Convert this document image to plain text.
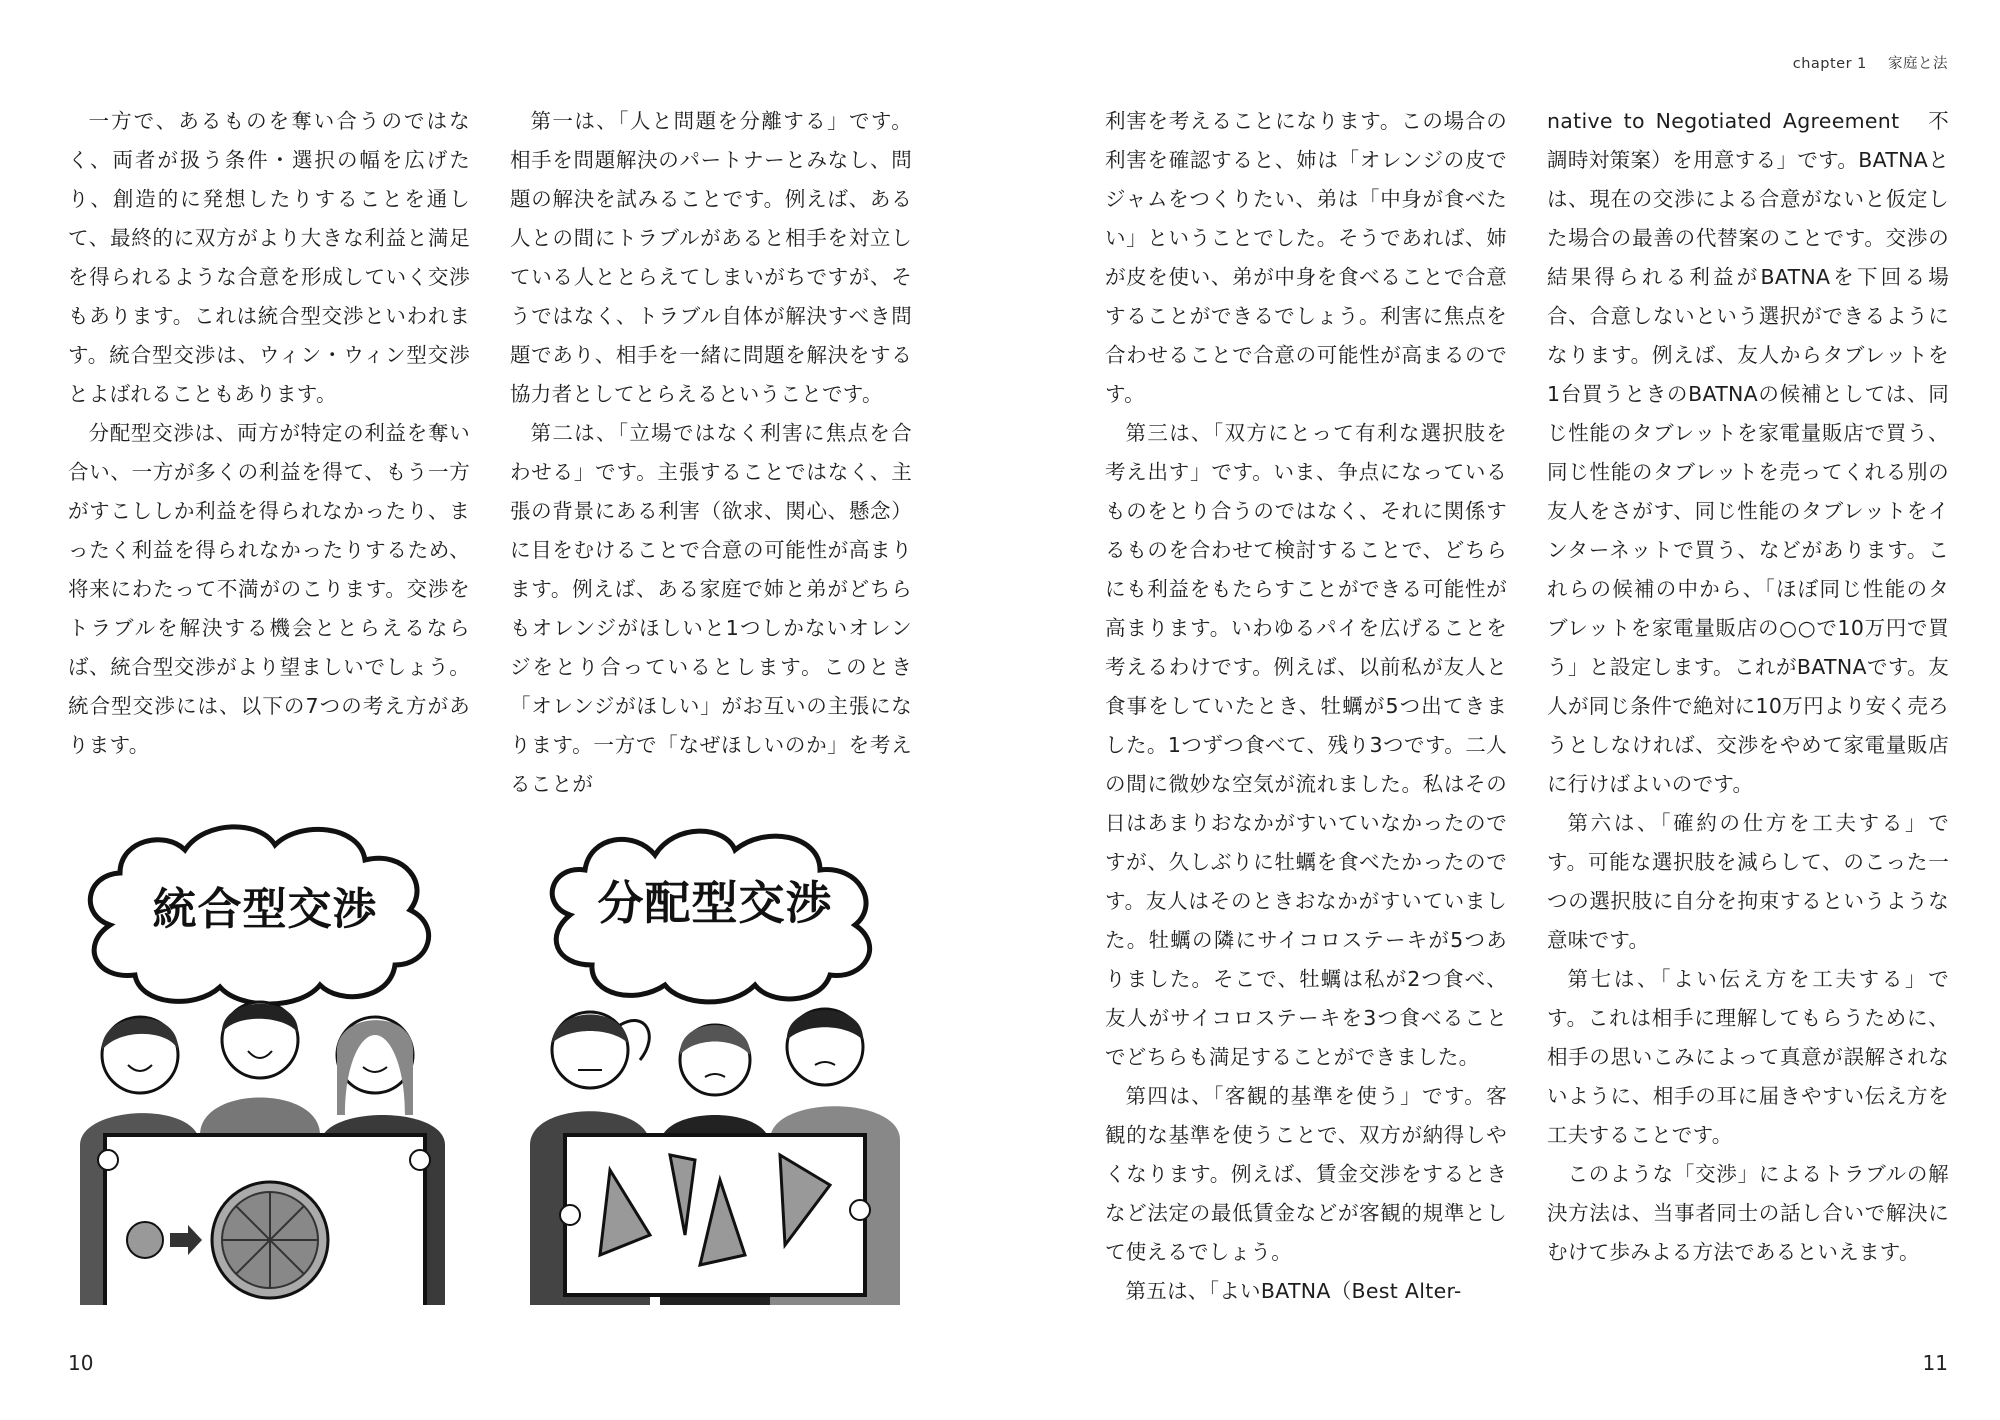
一方で、あるものを奪い合うのではなく、両者が扱う条件・選択の幅を広げたり、創造的に発想したりすることを通して、最終的に双方がより大きな利益と満足を得られるような合意を形成していく交渉もあります。これは統合型交渉といわれます。統合型交渉は、ウィン・ウィン型交渉とよばれることもあります。

分配型交渉は、両方が特定の利益を奪い合い、一方が多くの利益を得て、もう一方がすこししか利益を得られなかったり、まったく利益を得られなかったりするため、将来にわたって不満がのこります。交渉をトラブルを解決する機会ととらえるならば、統合型交渉がより望ましいでしょう。統合型交渉には、以下の7つの考え方があります。

第一は、「人と問題を分離する」です。相手を問題解決のパートナーとみなし、問題の解決を試みることです。例えば、ある人との間にトラブルがあると相手を対立している人ととらえてしまいがちですが、そうではなく、トラブル自体が解決すべき問題であり、相手を一緒に問題を解決をする協力者としてとらえるということです。

第二は、「立場ではなく利害に焦点を合わせる」です。主張することではなく、主張の背景にある利害（欲求、関心、懸念）に目をむけることで合意の可能性が高まります。例えば、ある家庭で姉と弟がどちらもオレンジがほしいと1つしかないオレンジをとり合っているとします。このとき「オレンジがほしい」がお互いの主張になります。一方で「なぜほしいのか」を考えることが

統合型交渉	分配型交渉
10
chapter 1 家庭と法

利害を考えることになります。この場合の利害を確認すると、姉は「オレンジの皮でジャムをつくりたい、弟は「中身が食べたい」ということでした。そうであれば、姉が皮を使い、弟が中身を食べることで合意することができるでしょう。利害に焦点を合わせることで合意の可能性が高まるのです。

第三は、「双方にとって有利な選択肢を考え出す」です。いま、争点になっているものをとり合うのではなく、それに関係するものを合わせて検討することで、どちらにも利益をもたらすことができる可能性が高まります。いわゆるパイを広げることを考えるわけです。例えば、以前私が友人と食事をしていたとき、牡蠣が5つ出てきました。1つずつ食べて、残り3つです。二人の間に微妙な空気が流れました。私はその日はあまりおなかがすいていなかったのですが、久しぶりに牡蠣を食べたかったのです。友人はそのときおなかがすいていました。牡蠣の隣にサイコロステーキが5つありました。そこで、牡蠣は私が2つ食べ、友人がサイコロステーキを3つ食べることでどちらも満足することができました。

第四は、「客観的基準を使う」です。客観的な基準を使うことで、双方が納得しやくなります。例えば、賃金交渉をするときなど法定の最低賃金などが客観的規準として使えるでしょう。

第五は、「よいBATNA（Best Alter-

native to Negotiated Agreement　不調時対策案）を用意する」です。BATNAとは、現在の交渉による合意がないと仮定した場合の最善の代替案のことです。交渉の結果得られる利益がBATNAを下回る場合、合意しないという選択ができるようになります。例えば、友人からタブレットを1台買うときのBATNAの候補としては、同じ性能のタブレットを家電量販店で買う、同じ性能のタブレットを売ってくれる別の友人をさがす、同じ性能のタブレットをインターネットで買う、などがあります。これらの候補の中から、「ほぼ同じ性能のタブレットを家電量販店の○○で10万円で買う」と設定します。これがBATNAです。友人が同じ条件で絶対に10万円より安く売ろうとしなければ、交渉をやめて家電量販店に行けばよいのです。

第六は、「確約の仕方を工夫する」です。可能な選択肢を減らして、のこった一つの選択肢に自分を拘束するというような意味です。

第七は、「よい伝え方を工夫する」です。これは相手に理解してもらうために、相手の思いこみによって真意が誤解されないように、相手の耳に届きやすい伝え方を工夫することです。

このような「交渉」によるトラブルの解決方法は、当事者同士の話し合いで解決にむけて歩みよる方法であるといえます。

11
